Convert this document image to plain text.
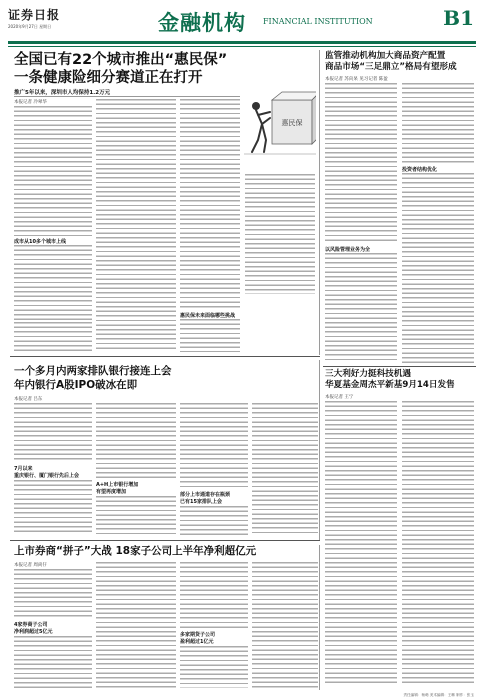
证券日报
2020年9月27日 星期日	金融机构 FINANCIAL INSTITUTION	B1
全国已有22个城市推出“惠民保”
一条健康险细分赛道正在打开
推广5年以来，深圳市人均保持1.2万元
本报记者 冷翠华
成市从10多个城市上线
惠民保未来面临哪些挑战
惠民保
监管推动机构加大商品资产配置
商品市场“三足鼎立”格局有望形成
本报记者 苏向杲 见习记者 陈盈
以风险管理业务为全
投资者结构优化
一个多月内两家排队银行接连上会
年内银行A股IPO破冰在即
本报记者 吕东
7月以来
重庆银行、厦门银行先后上会
A+H上市银行增加
有望再度增加	部分上市通道存在瓶颈
已有15家排队上会
三大利好力挺科技机遇
华夏基金周杰平新基9月14日发售
本报记者 王宁
上市券商“拼子”大战 18家子公司上半年净利超亿元
本报记者 周尚仔
4家券商子公司
净利润超过5亿元	多家期货子公司
盈利超过1亿元
责任编辑：杨萌 美术编辑：王琳 制作：张玉
